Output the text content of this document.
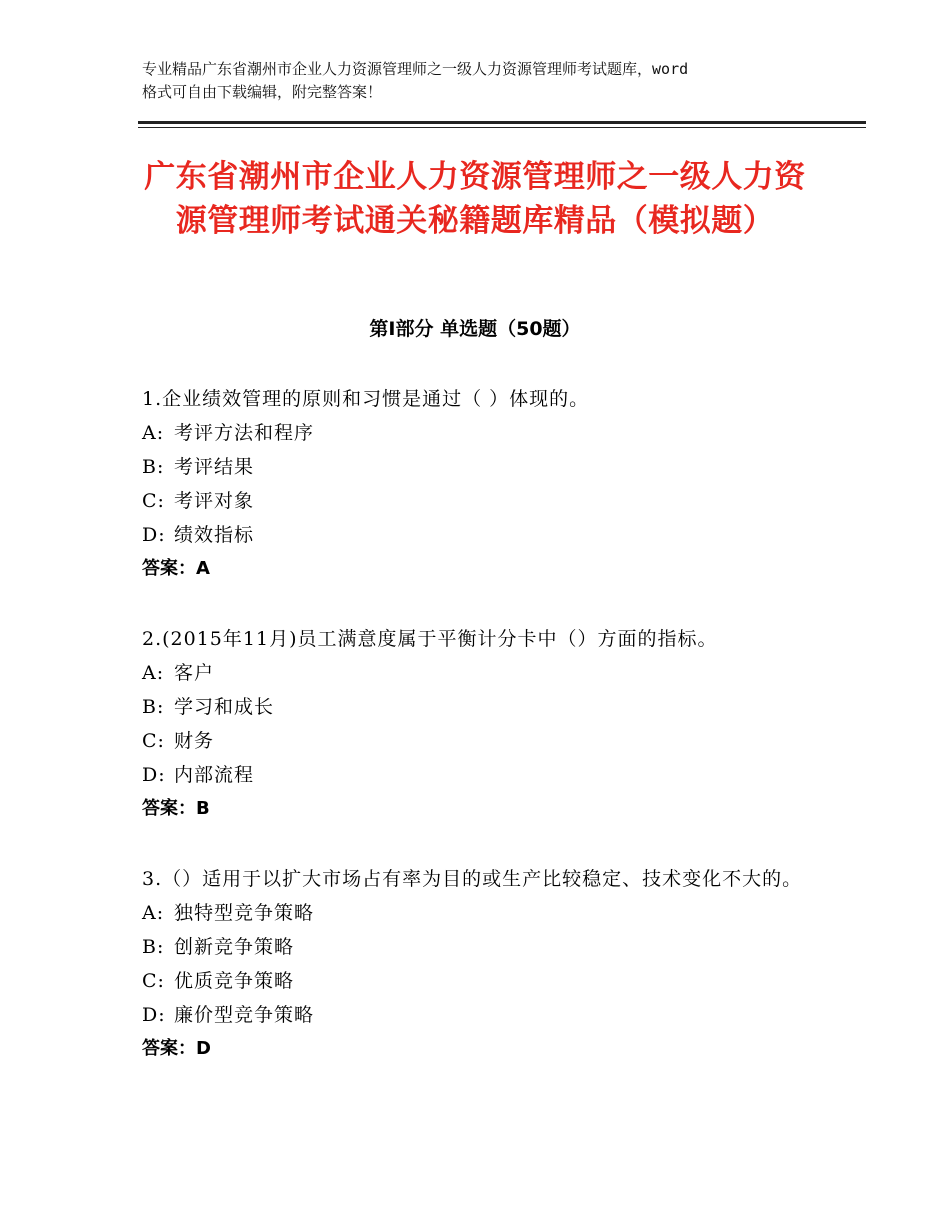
专业精品广东省潮州市企业人力资源管理师之一级人力资源管理师考试题库，word
格式可自由下载编辑，附完整答案！
广东省潮州市企业人力资源管理师之一级人力资源管理师考试通关秘籍题库精品（模拟题）
第Ⅰ部分 单选题（50题）

1.企业绩效管理的原则和习惯是通过（ ）体现的。

A: 考评方法和程序

B: 考评结果

C: 考评对象

D: 绩效指标

答案：A

2.(2015年11月)员工满意度属于平衡计分卡中（）方面的指标。

A: 客户

B: 学习和成长

C: 财务

D: 内部流程

答案：B

3.（）适用于以扩大市场占有率为目的或生产比较稳定、技术变化不大的。

A: 独特型竞争策略

B: 创新竞争策略

C: 优质竞争策略

D: 廉价型竞争策略

答案：D
